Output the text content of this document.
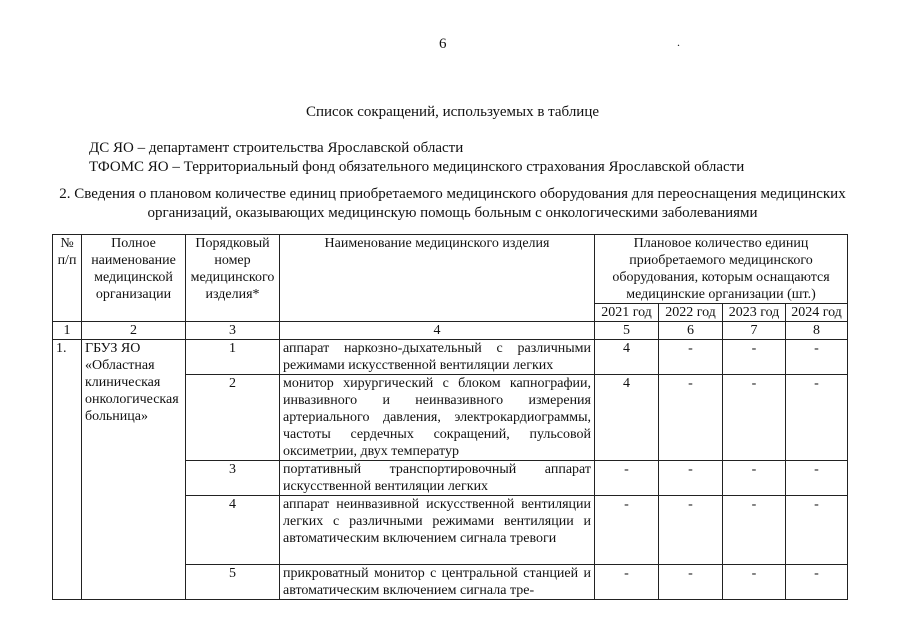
6	.
Список сокращений, используемых в таблице
ДС ЯО – департамент строительства Ярославской области
ТФОМС ЯО – Территориальный фонд обязательного медицинского страхования Ярославской области
2. Сведения о плановом количестве единиц приобретаемого медицинского оборудования для переоснащения медицинских организаций, оказывающих медицинскую помощь больным с онкологическими заболеваниями
№ п/п	Полное наименование медицинской организации	Порядковый номер медицинского изделия*	Наименование медицинского изделия	Плановое количество единиц приобретаемого медицинского оборудования, которым оснащаются медицинские организации (шт.)			
				2021 год	2022 год	2023 год	2024 год
1	2	3	4	5	6	7	8
1.	ГБУЗ ЯО «Областная клиническая онкологическая больница»	1	аппарат наркозно-дыхательный с различными режимами искусственной вентиляции легких	4	-	-	-
		2	монитор хирургический с блоком капнографии, инвазивного и неинвазивного измерения артериального давления, электрокардиограммы, частоты сердечных сокращений, пульсовой оксиметрии, двух температур	4	-	-	-
		3	портативный транспортировочный аппарат искусственной вентиляции легких	-	-	-	-
		4	аппарат неинвазивной искусственной вентиляции легких с различными режимами вентиляции и автоматическим включением сигнала тревоги	-	-	-	-
		5	прикроватный монитор с центральной станцией и автоматическим включением сигнала тре-	-	-	-	-
